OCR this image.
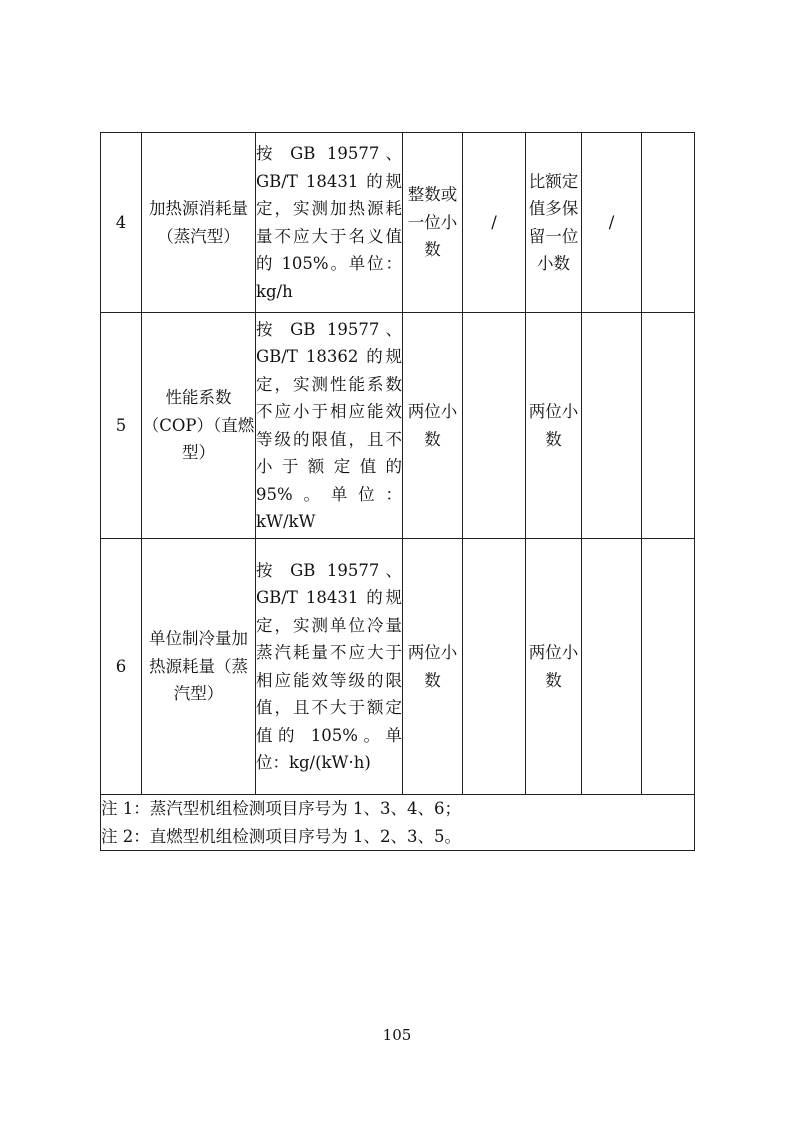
4	加热源消耗量（蒸汽型）	按 GB 19577、GB/T 18431 的规定，实测加热源耗量不应大于名义值的 105%。单位：kg/h	整数或一位小数	/	比额定值多保留一位小数	/	
5	性能系数（COP）（直燃型）	按 GB 19577、GB/T 18362 的规定，实测性能系数不应小于相应能效等级的限值，且不小于额定值的 95%。单位：kW/kW	两位小数		两位小数		
6	单位制冷量加热源耗量（蒸汽型）	按 GB 19577、GB/T 18431 的规定，实测单位冷量蒸汽耗量不应大于相应能效等级的限值，且不大于额定值的 105%。单位：kg/(kW·h)	两位小数		两位小数		

注 1：蒸汽型机组检测项目序号为 1、3、4、6；
注 2：直燃型机组检测项目序号为 1、2、3、5。							
105
